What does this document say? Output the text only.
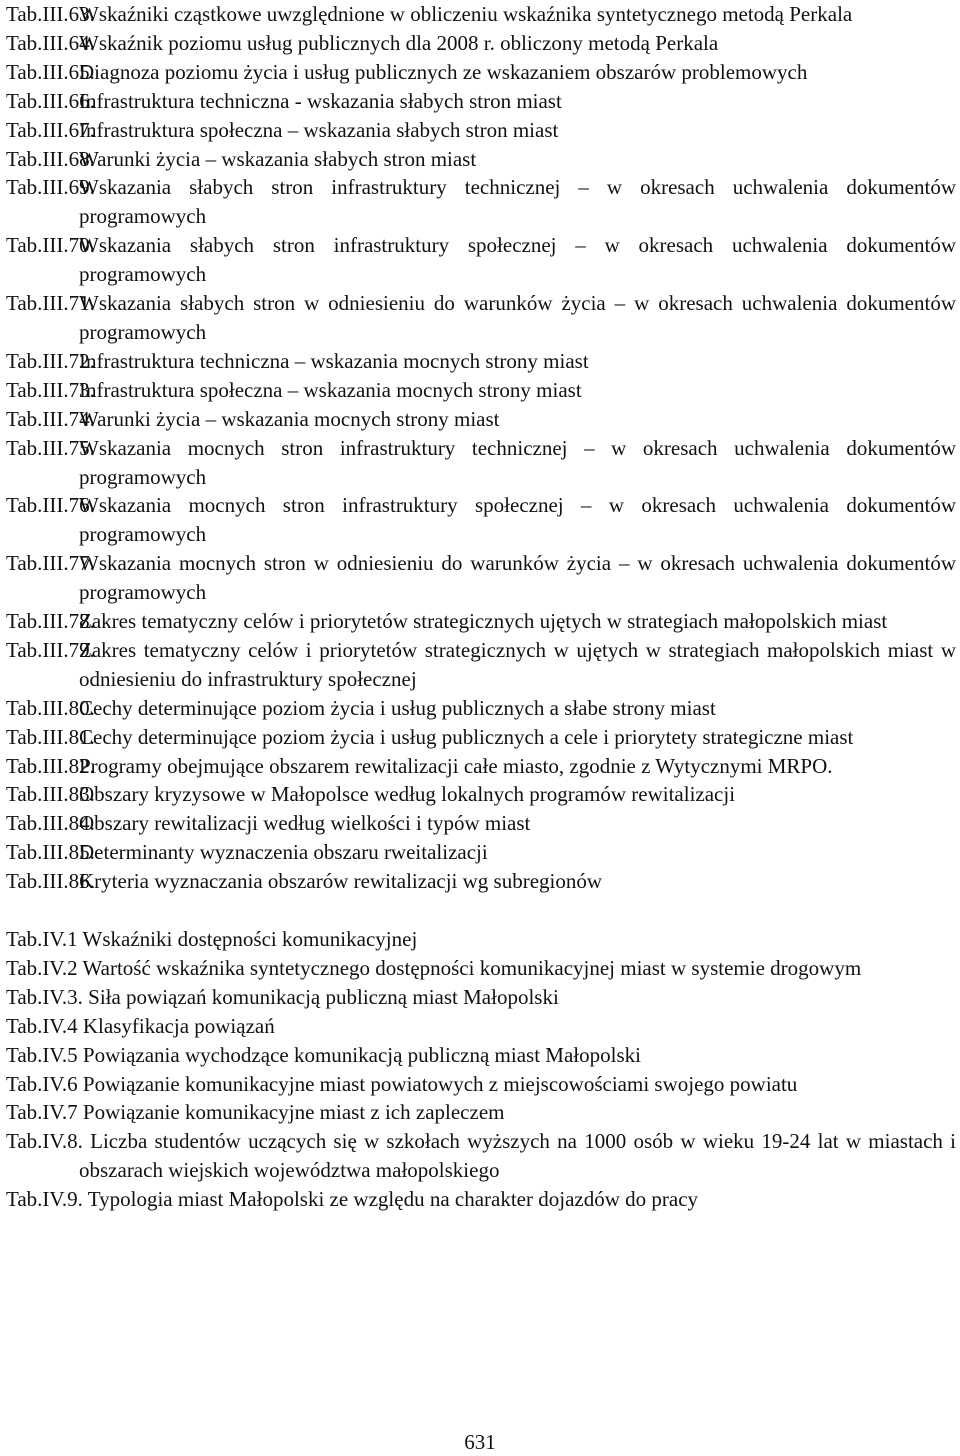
Tab.III.63.
Wskaźniki cząstkowe uwzględnione w obliczeniu wskaźnika syntetycznego metodą Perkala
Tab.III.64.
Wskaźnik poziomu usług publicznych dla 2008 r. obliczony metodą Perkala
Tab.III.65.
Diagnoza poziomu życia i usług publicznych ze wskazaniem obszarów problemowych
Tab.III.66.
Infrastruktura techniczna - wskazania słabych stron miast
Tab.III.67.
Infrastruktura społeczna – wskazania słabych stron miast
Tab.III.68.
Warunki życia – wskazania słabych stron miast
Tab.III.69.
Wskazania słabych stron infrastruktury technicznej – w okresach uchwalenia dokumentów programowych
Tab.III.70.
Wskazania słabych stron infrastruktury społecznej – w okresach uchwalenia dokumentów programowych
Tab.III.71.
Wskazania słabych stron w odniesieniu do warunków życia – w okresach uchwalenia dokumentów programowych
Tab.III.72.
Infrastruktura techniczna – wskazania mocnych strony miast
Tab.III.73.
Infrastruktura społeczna – wskazania mocnych strony miast
Tab.III.74.
Warunki życia – wskazania mocnych strony miast
Tab.III.75.
Wskazania mocnych stron infrastruktury technicznej – w okresach uchwalenia dokumentów programowych
Tab.III.76.
Wskazania mocnych stron infrastruktury społecznej – w okresach uchwalenia dokumentów programowych
Tab.III.77.
Wskazania mocnych stron w odniesieniu do warunków życia – w okresach uchwalenia dokumentów programowych
Tab.III.78.
Zakres tematyczny celów i priorytetów strategicznych ujętych w strategiach małopolskich miast
Tab.III.79.
Zakres tematyczny celów i priorytetów strategicznych w ujętych w strategiach małopolskich miast w odniesieniu do infrastruktury społecznej
Tab.III.80.
Cechy determinujące poziom życia i usług publicznych a słabe strony miast
Tab.III.81.
Cechy determinujące poziom życia i usług publicznych a cele i priorytety strategiczne miast
Tab.III.82.
Programy obejmujące obszarem rewitalizacji całe miasto, zgodnie z Wytycznymi MRPO.
Tab.III.83.
Obszary kryzysowe w Małopolsce według lokalnych programów rewitalizacji
Tab.III.84.
Obszary rewitalizacji według wielkości i typów miast
Tab.III.85.
Determinanty wyznaczenia obszaru rweitalizacji
Tab.III.86.
Kryteria wyznaczania obszarów rewitalizacji wg subregionów
Tab.IV.1 Wskaźniki dostępności komunikacyjnej
Tab.IV.2 Wartość wskaźnika syntetycznego dostępności komunikacyjnej miast w systemie drogowym
Tab.IV.3. Siła powiązań komunikacją publiczną miast Małopolski
Tab.IV.4 Klasyfikacja powiązań
Tab.IV.5 Powiązania wychodzące komunikacją publiczną miast Małopolski
Tab.IV.6 Powiązanie komunikacyjne miast powiatowych z miejscowościami swojego powiatu
Tab.IV.7 Powiązanie komunikacyjne miast z ich zapleczem
Tab.IV.8. Liczba studentów uczących się w szkołach wyższych na 1000 osób w wieku 19-24 lat w miastach i obszarach wiejskich województwa małopolskiego
Tab.IV.9. Typologia miast Małopolski ze względu na charakter dojazdów do pracy
631
